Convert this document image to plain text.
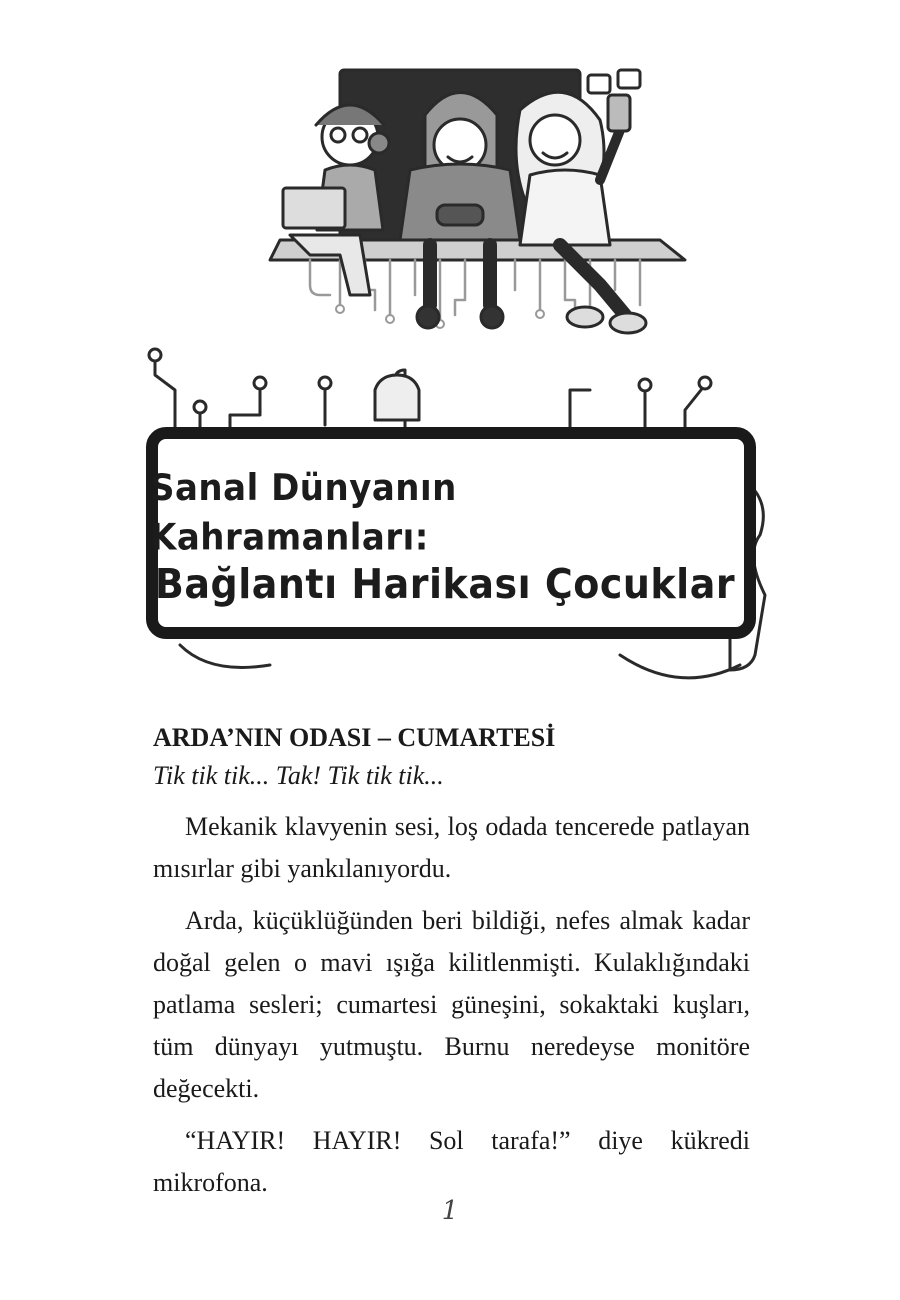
Sanal Dünyanın Kahramanları:
Bağlantı Harikası Çocuklar

ARDA’NIN ODASI – CUMARTESİ

Tik tik tik... Tak! Tik tik tik...

Mekanik klavyenin sesi, loş odada tencerede patlayan mısırlar gibi yankılanıyordu.

Arda, küçüklüğünden beri bildiği, nefes almak kadar doğal gelen o mavi ışığa kilitlenmişti. Kulaklığındaki patlama sesleri; cumartesi güneşini, sokaktaki kuşları, tüm dünyayı yutmuştu. Burnu neredeyse monitöre değecekti.

“HAYIR! HAYIR! Sol tarafa!” diye kükredi mikrofona.

1
